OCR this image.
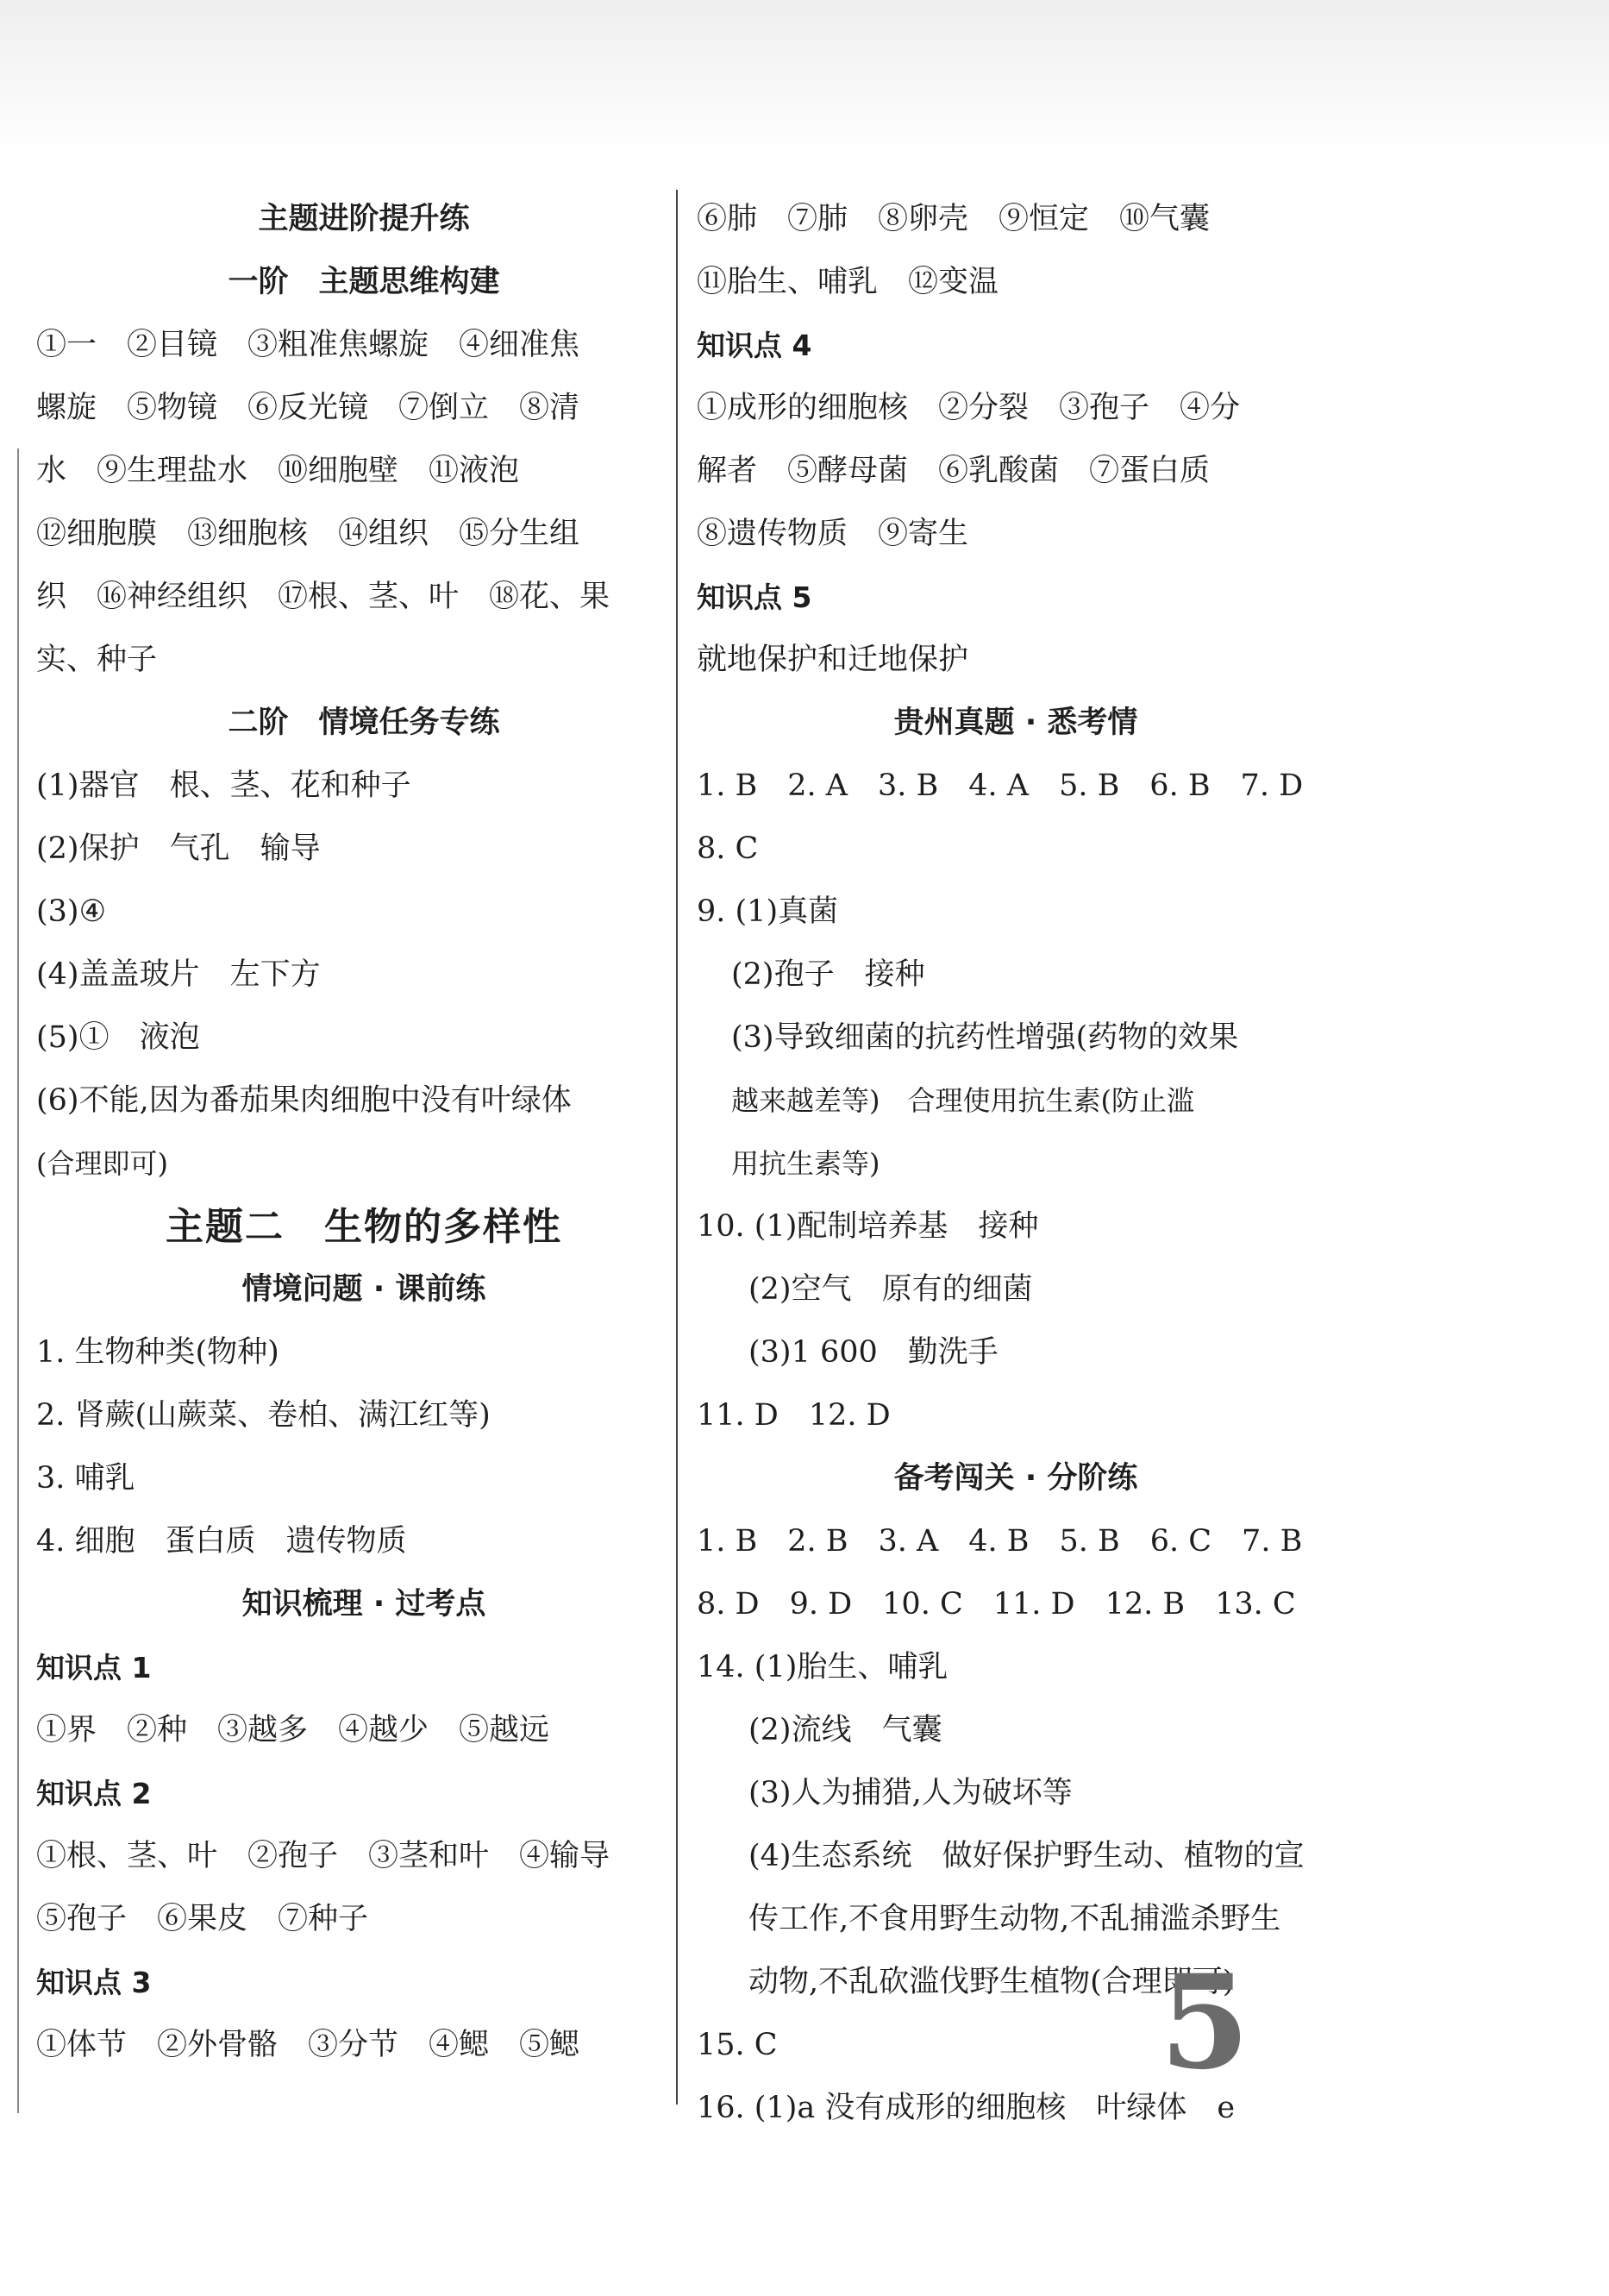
主题进阶提升练
一阶　主题思维构建
①一　②目镜　③粗准焦螺旋　④细准焦
螺旋　⑤物镜　⑥反光镜　⑦倒立　⑧清
水　⑨生理盐水　⑩细胞壁　⑪液泡
⑫细胞膜　⑬细胞核　⑭组织　⑮分生组
织　⑯神经组织　⑰根、茎、叶　⑱花、果
实、种子
二阶　情境任务专练
(1)器官　根、茎、花和种子
(2)保护　气孔　输导
(3)④
(4)盖盖玻片　左下方
(5)①　液泡
(6)不能,因为番茄果肉细胞中没有叶绿体
(合理即可)
主题二　生物的多样性
情境问题 · 课前练
1. 生物种类(物种)
2. 肾蕨(山蕨菜、卷柏、满江红等)
3. 哺乳
4. 细胞　蛋白质　遗传物质
知识梳理 · 过考点
知识点 1
①界　②种　③越多　④越少　⑤越远
知识点 2
①根、茎、叶　②孢子　③茎和叶　④输导
⑤孢子　⑥果皮　⑦种子
知识点 3
①体节　②外骨骼　③分节　④鳃　⑤鳃
⑥肺　⑦肺　⑧卵壳　⑨恒定　⑩气囊
⑪胎生、哺乳　⑫变温
知识点 4
①成形的细胞核　②分裂　③孢子　④分
解者　⑤酵母菌　⑥乳酸菌　⑦蛋白质
⑧遗传物质　⑨寄生
知识点 5
就地保护和迁地保护
贵州真题 · 悉考情
1. B　2. A　3. B　4. A　5. B　6. B　7. D
8. C
9. (1)真菌
(2)孢子　接种
(3)导致细菌的抗药性增强(药物的效果
越来越差等)　合理使用抗生素(防止滥
用抗生素等)
10. (1)配制培养基　接种
(2)空气　原有的细菌
(3)1 600　勤洗手
11. D　12. D
备考闯关 · 分阶练
1. B　2. B　3. A　4. B　5. B　6. C　7. B
8. D　9. D　10. C　11. D　12. B　13. C
14. (1)胎生、哺乳
(2)流线　气囊
(3)人为捕猎,人为破坏等
(4)生态系统　做好保护野生动、植物的宣
传工作,不食用野生动物,不乱捕滥杀野生
动物,不乱砍滥伐野生植物(合理即可)
15. C
16. (1)a 没有成形的细胞核　叶绿体　e
5
